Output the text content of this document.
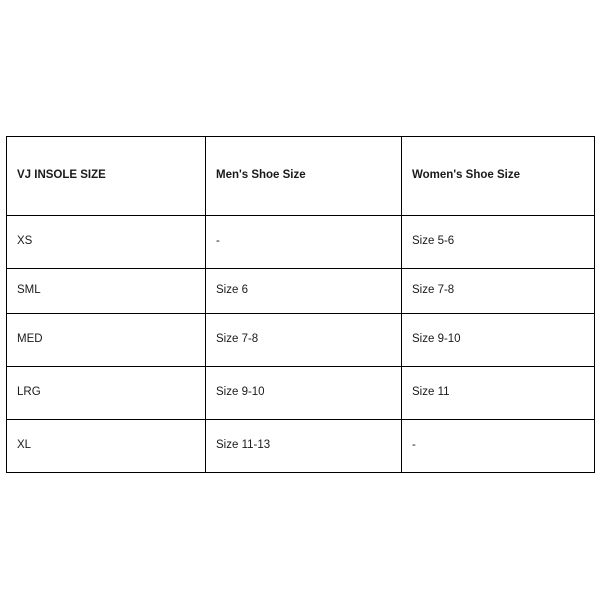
VJ INSOLE SIZE	Men's Shoe Size	Women's Shoe Size
XS	-	Size 5-6
SML	Size 6	Size 7-8
MED	Size 7-8	Size 9-10
LRG	Size 9-10	Size 11
XL	Size 11-13	-
